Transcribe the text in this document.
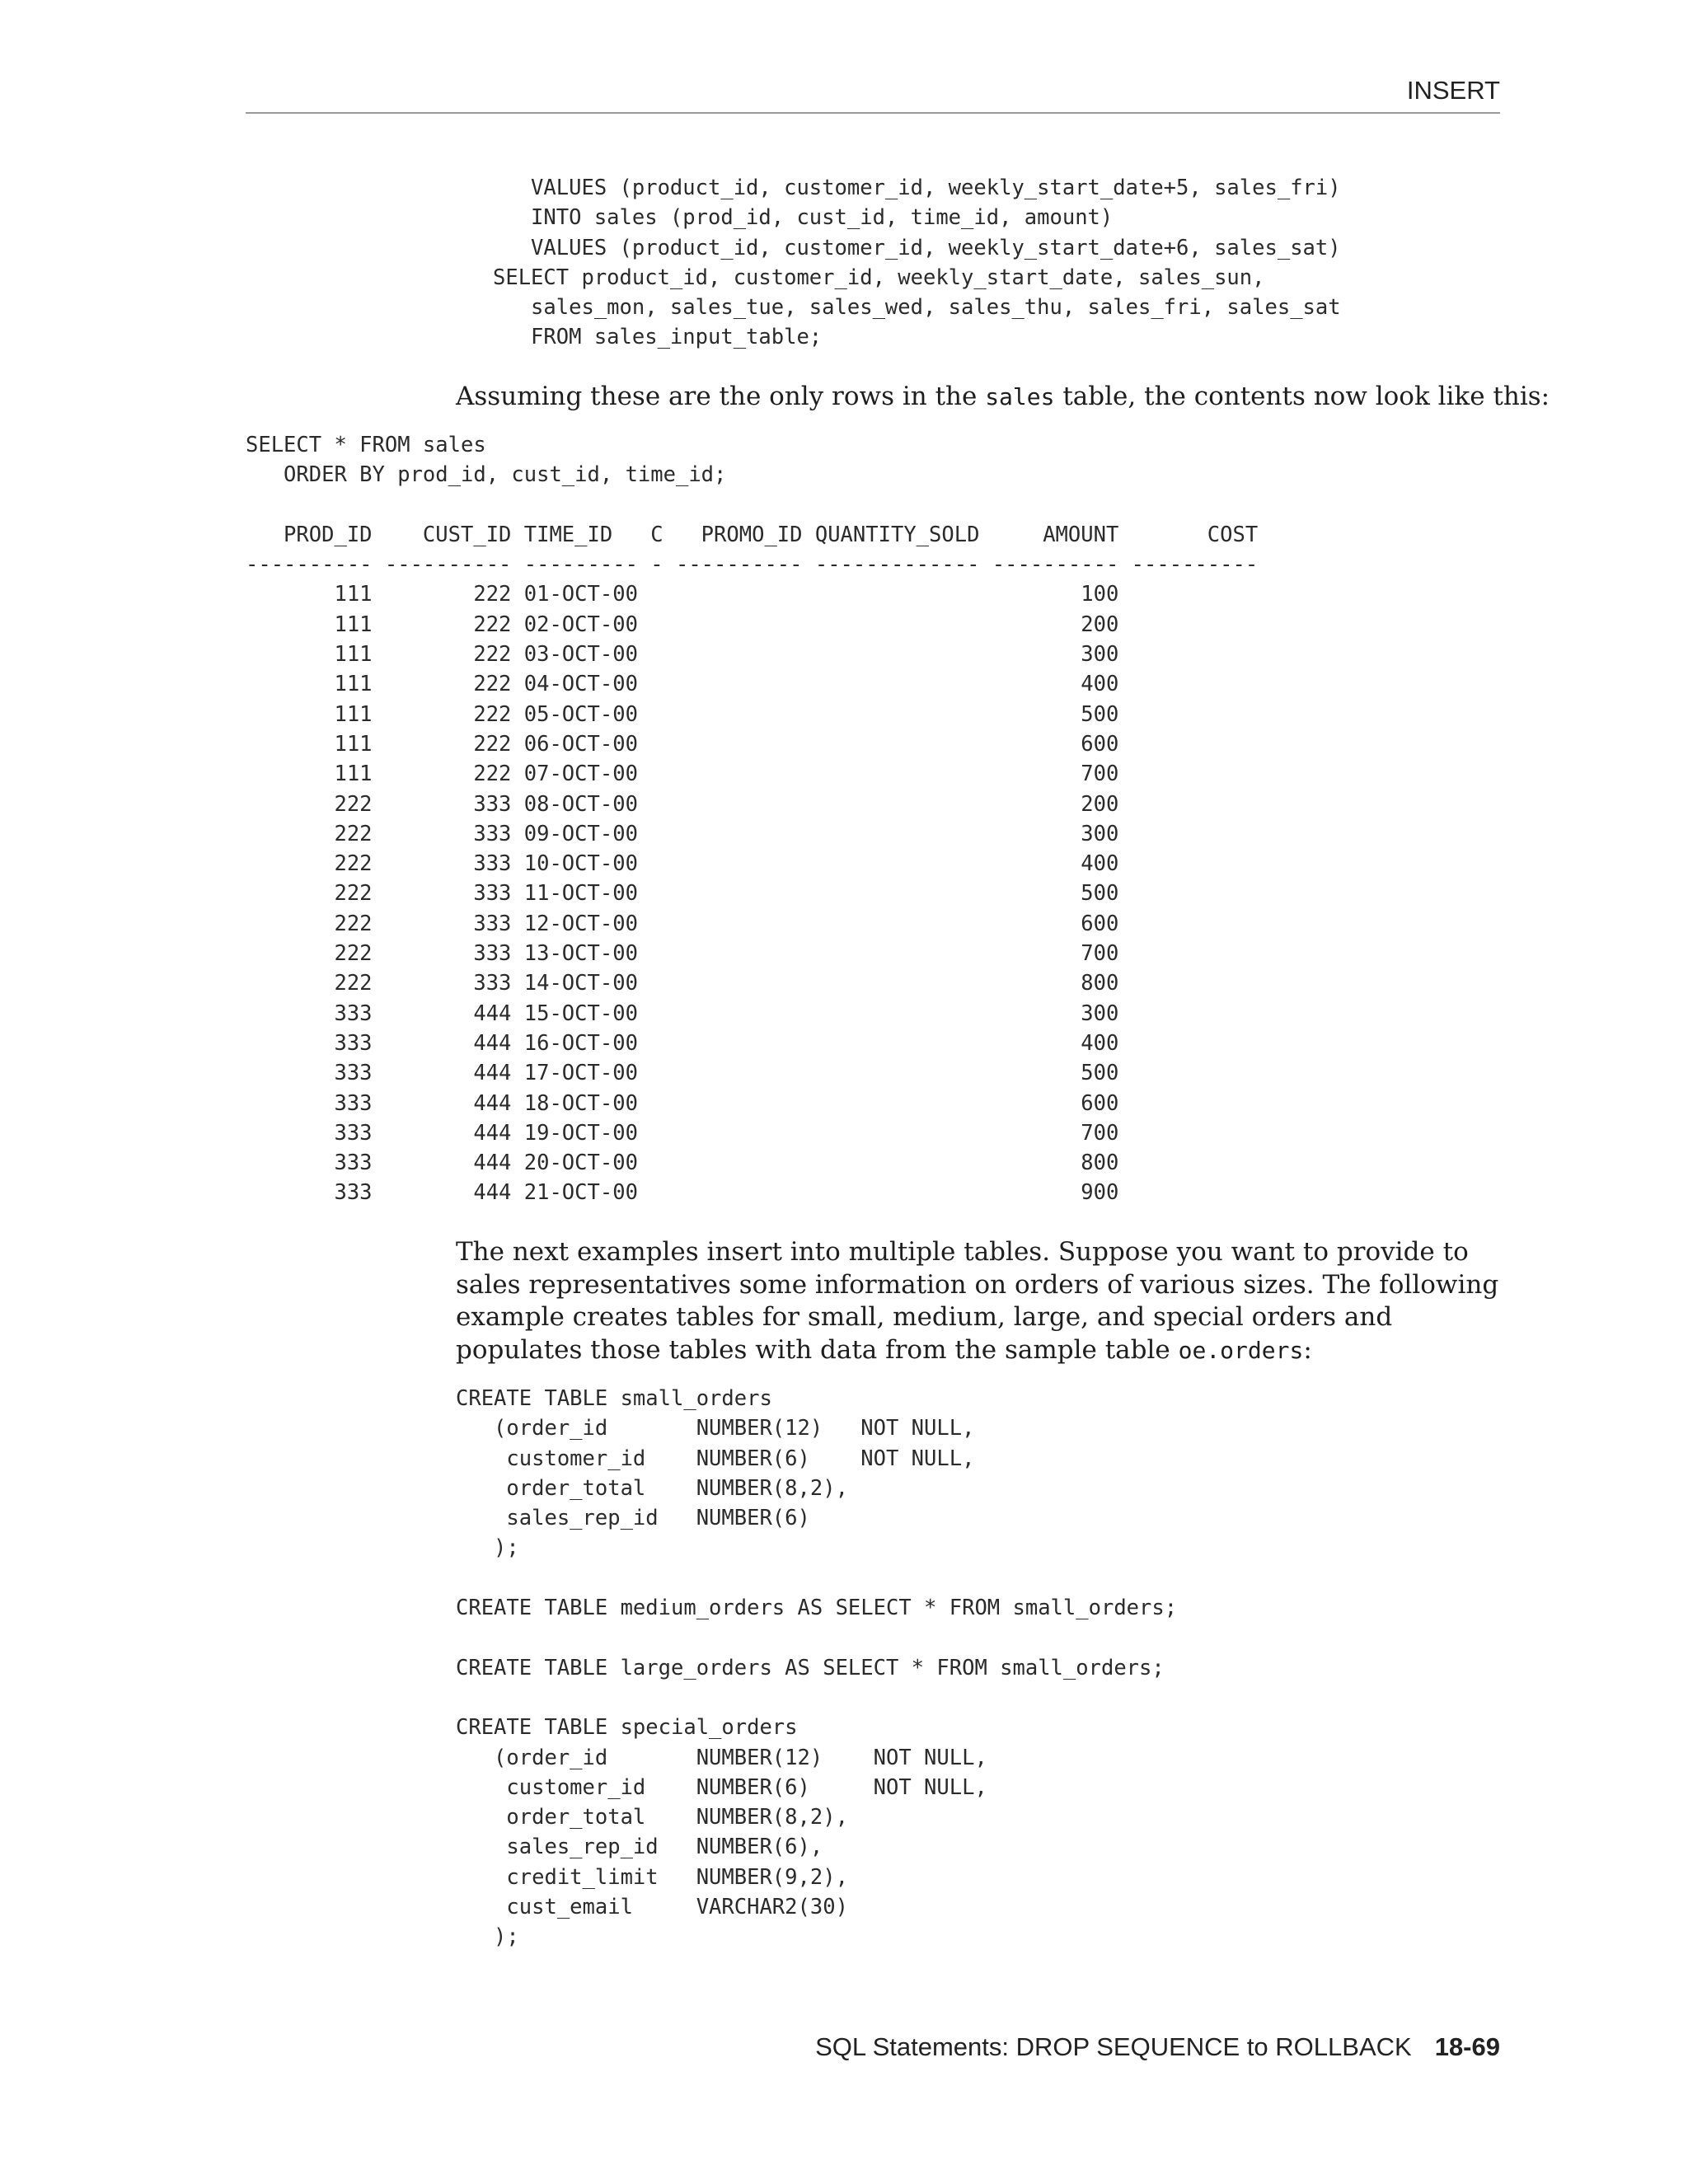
INSERT
VALUES (product_id, customer_id, weekly_start_date+5, sales_fri)
INTO sales (prod_id, cust_id, time_id, amount)
VALUES (product_id, customer_id, weekly_start_date+6, sales_sat)
SELECT product_id, customer_id, weekly_start_date, sales_sun,
sales_mon, sales_tue, sales_wed, sales_thu, sales_fri, sales_sat
FROM sales_input_table;

Assuming these are the only rows in the sales table, the contents now look like this:

SELECT * FROM sales
ORDER BY prod_id, cust_id, time_id;

PROD_ID    CUST_ID TIME_ID   C   PROMO_ID QUANTITY_SOLD     AMOUNT       COST
---------- ---------- --------- - ---------- ------------- ---------- ----------
111        222 01-OCT-00                                   100
111        222 02-OCT-00                                   200
111        222 03-OCT-00                                   300
111        222 04-OCT-00                                   400
111        222 05-OCT-00                                   500
111        222 06-OCT-00                                   600
111        222 07-OCT-00                                   700
222        333 08-OCT-00                                   200
222        333 09-OCT-00                                   300
222        333 10-OCT-00                                   400
222        333 11-OCT-00                                   500
222        333 12-OCT-00                                   600
222        333 13-OCT-00                                   700
222        333 14-OCT-00                                   800
333        444 15-OCT-00                                   300
333        444 16-OCT-00                                   400
333        444 17-OCT-00                                   500
333        444 18-OCT-00                                   600
333        444 19-OCT-00                                   700
333        444 20-OCT-00                                   800
333        444 21-OCT-00                                   900

The next examples insert into multiple tables. Suppose you want to provide to sales representatives some information on orders of various sizes. The following example creates tables for small, medium, large, and special orders and populates those tables with data from the sample table oe.orders:

CREATE TABLE small_orders
(order_id       NUMBER(12)   NOT NULL,
customer_id    NUMBER(6)    NOT NULL,
order_total    NUMBER(8,2),
sales_rep_id   NUMBER(6)
);

CREATE TABLE medium_orders AS SELECT * FROM small_orders;

CREATE TABLE large_orders AS SELECT * FROM small_orders;

CREATE TABLE special_orders
(order_id       NUMBER(12)    NOT NULL,
customer_id    NUMBER(6)     NOT NULL,
order_total    NUMBER(8,2),
sales_rep_id   NUMBER(6),
credit_limit   NUMBER(9,2),
cust_email     VARCHAR2(30)
);
SQL Statements: DROP SEQUENCE to ROLLBACK 18-69
